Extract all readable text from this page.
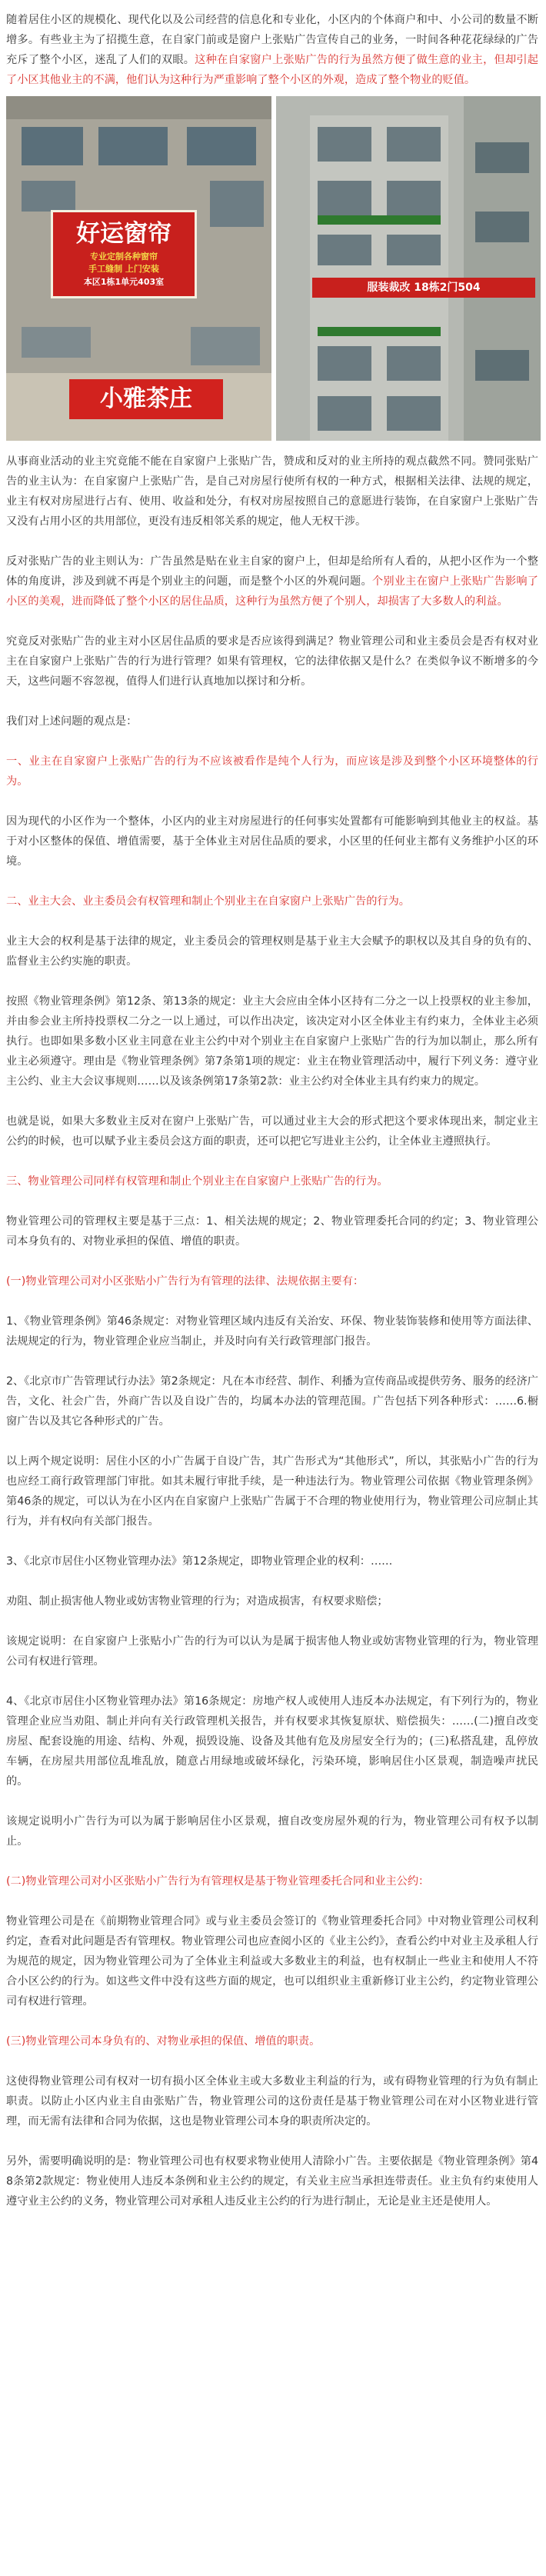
随着居住小区的规模化、现代化以及公司经营的信息化和专业化，小区内的个体商户和中、小公司的数量不断增多。有些业主为了招揽生意，在自家门前或是窗户上张贴广告宣传自己的业务，一时间各种花花绿绿的广告充斥了整个小区，迷乱了人们的双眼。这种在自家窗户上张贴广告的行为虽然方便了做生意的业主，但却引起了小区其他业主的不满，他们认为这种行为严重影响了整个小区的外观，造成了整个物业的贬值。

好运窗帘
专业定制各种窗帘
手工缝制 上门安装
本区1栋1单元403室
小雅茶庄
服装裁改 18栋2门504

从事商业活动的业主究竟能不能在自家窗户上张贴广告，赞成和反对的业主所持的观点截然不同。赞同张贴广告的业主认为：在自家窗户上张贴广告，是自己对房屋行使所有权的一种方式，根据相关法律、法规的规定，业主有权对房屋进行占有、使用、收益和处分，有权对房屋按照自己的意愿进行装饰，在自家窗户上张贴广告又没有占用小区的共用部位，更没有违反相邻关系的规定，他人无权干涉。

反对张贴广告的业主则认为：广告虽然是贴在业主自家的窗户上，但却是给所有人看的，从把小区作为一个整体的角度讲，涉及到就不再是个别业主的问题，而是整个小区的外观问题。个别业主在窗户上张贴广告影响了小区的美观，进而降低了整个小区的居住品质，这种行为虽然方便了个别人，却损害了大多数人的利益。

究竟反对张贴广告的业主对小区居住品质的要求是否应该得到满足？物业管理公司和业主委员会是否有权对业主在自家窗户上张贴广告的行为进行管理？如果有管理权，它的法律依据又是什么？在类似争议不断增多的今天，这些问题不容忽视，值得人们进行认真地加以探讨和分析。

我们对上述问题的观点是：

一、业主在自家窗户上张贴广告的行为不应该被看作是纯个人行为，而应该是涉及到整个小区环境整体的行为。

因为现代的小区作为一个整体，小区内的业主对房屋进行的任何事实处置都有可能影响到其他业主的权益。基于对小区整体的保值、增值需要，基于全体业主对居住品质的要求，小区里的任何业主都有义务维护小区的环境。

二、业主大会、业主委员会有权管理和制止个别业主在自家窗户上张贴广告的行为。

业主大会的权利是基于法律的规定，业主委员会的管理权则是基于业主大会赋予的职权以及其自身的负有的、监督业主公约实施的职责。

按照《物业管理条例》第12条、第13条的规定：业主大会应由全体小区持有二分之一以上投票权的业主参加，并由参会业主所持投票权二分之一以上通过，可以作出决定，该决定对小区全体业主有约束力，全体业主必须执行。也即如果多数小区业主同意在业主公约中对个别业主在自家窗户上张贴广告的行为加以制止，那么所有业主必须遵守。理由是《物业管理条例》第7条第1项的规定：业主在物业管理活动中，履行下列义务：遵守业主公约、业主大会议事规则……以及该条例第17条第2款：业主公约对全体业主具有约束力的规定。

也就是说，如果大多数业主反对在窗户上张贴广告，可以通过业主大会的形式把这个要求体现出来，制定业主公约的时候，也可以赋予业主委员会这方面的职责，还可以把它写进业主公约，让全体业主遵照执行。

三、物业管理公司同样有权管理和制止个别业主在自家窗户上张贴广告的行为。

物业管理公司的管理权主要是基于三点：1、相关法规的规定；2、物业管理委托合同的约定；3、物业管理公司本身负有的、对物业承担的保值、增值的职责。

(一)物业管理公司对小区张贴小广告行为有管理的法律、法规依据主要有：

1、《物业管理条例》第46条规定：对物业管理区域内违反有关治安、环保、物业装饰装修和使用等方面法律、法规规定的行为，物业管理企业应当制止，并及时向有关行政管理部门报告。

2、《北京市广告管理试行办法》第2条规定：凡在本市经营、制作、利播为宣传商品或提供劳务、服务的经济广告，文化、社会广告，外商广告以及自设广告的，均属本办法的管理范围。广告包括下列各种形式：……6.橱窗广告以及其它各种形式的广告。

以上两个规定说明：居住小区的小广告属于自设广告，其广告形式为“其他形式”，所以，其张贴小广告的行为也应经工商行政管理部门审批。如其未履行审批手续，是一种违法行为。物业管理公司依据《物业管理条例》第46条的规定，可以认为在小区内在自家窗户上张贴广告属于不合理的物业使用行为，物业管理公司应制止其行为，并有权向有关部门报告。

3、《北京市居住小区物业管理办法》第12条规定，即物业管理企业的权利：……

劝阻、制止损害他人物业或妨害物业管理的行为；对造成损害，有权要求赔偿；

该规定说明：在自家窗户上张贴小广告的行为可以认为是属于损害他人物业或妨害物业管理的行为，物业管理公司有权进行管理。

4、《北京市居住小区物业管理办法》第16条规定：房地产权人或使用人违反本办法规定，有下列行为的，物业管理企业应当劝阻、制止并向有关行政管理机关报告，并有权要求其恢复原状、赔偿损失：……(二)擅自改变房屋、配套设施的用途、结构、外观，损毁设施、设备及其他有危及房屋安全行为的；(三)私搭乱建，乱停放车辆，在房屋共用部位乱堆乱放，随意占用绿地或破坏绿化，污染环境，影响居住小区景观，制造噪声扰民的。

该规定说明小广告行为可以为属于影响居住小区景观，擅自改变房屋外观的行为，物业管理公司有权予以制止。

(二)物业管理公司对小区张贴小广告行为有管理权是基于物业管理委托合同和业主公约：

物业管理公司是在《前期物业管理合同》或与业主委员会签订的《物业管理委托合同》中对物业管理公司权利约定，查看对此问题是否有管理权。物业管理公司也应查阅小区的《业主公约》，查看公约中对业主及承租人行为规范的规定，因为物业管理公司为了全体业主利益或大多数业主的利益，也有权制止一些业主和使用人不符合小区公约的行为。如这些文件中没有这些方面的规定，也可以组织业主重新修订业主公约，约定物业管理公司有权进行管理。

(三)物业管理公司本身负有的、对物业承担的保值、增值的职责。

这使得物业管理公司有权对一切有损小区全体业主或大多数业主利益的行为，或有碍物业管理的行为负有制止职责。以防止小区内业主自由张贴广告，物业管理公司的这份责任是基于物业管理公司在对小区物业进行管理，而无需有法律和合同为依据，这也是物业管理公司本身的职责所决定的。

另外，需要明确说明的是：物业管理公司也有权要求物业使用人清除小广告。主要依据是《物业管理条例》第48条第2款规定：物业使用人违反本条例和业主公约的规定，有关业主应当承担连带责任。业主负有约束使用人遵守业主公约的义务，物业管理公司对承租人违反业主公约的行为进行制止，无论是业主还是使用人。
